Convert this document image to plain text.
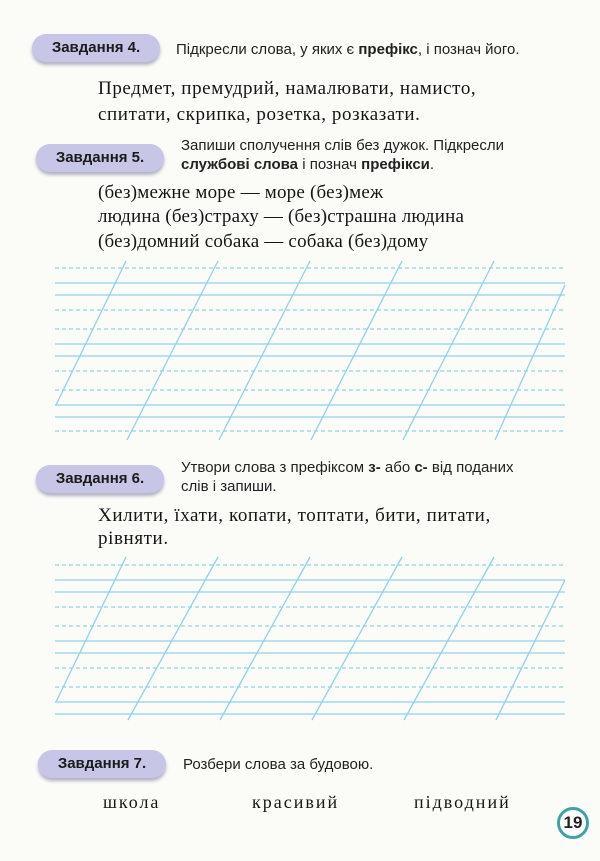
Завдання 4.	Підкресли слова, у яких є префікс, і познач його.
Предмет, премудрий, намалювати, намисто,
спитати, скрипка, розетка, розказати.
Завдання 5.
Запиши сполучення слів без дужок. Підкресли
службові слова і познач префікси.
(без)межне море — море (без)меж
людина (без)страху — (без)страшна людина
(без)домний собака — собака (без)дому
Завдання 6.
Утвори слова з префіксом з- або с- від поданих
слів і запиши.
Хилити, їхати, копати, топтати, бити, питати,
рівняти.
Завдання 7.	Розбери слова за будовою.
школа	красивий	підводний
19
